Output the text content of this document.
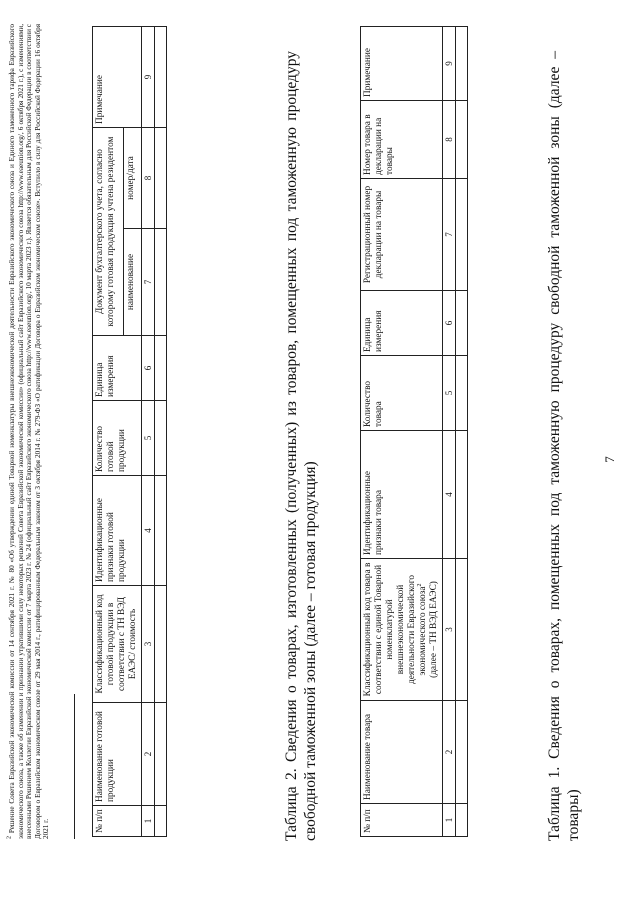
7
Таблица 1. Сведения о товарах, помещенных под таможенную процедуру свободной таможенной зоны (далее – товары)
№ п/п	Наименование товара	Классификационный код товара в соответствии с единой Товарной номенклатурой внешнеэкономической деятельности Евразийского экономического союза$^2$ (далее – ТН ВЭД ЕАЭС)	Идентификационные признаки товара	Количество товара	Единица измерения	Регистрационный номер декларации на товары	Номер товара в декларации на товары	Примечание
1	2	3	4	5	6	7	8	9

Таблица 2. Сведения о товарах, изготовленных (полученных) из товаров, помещенных под таможенную процедуру свободной таможенной зоны (далее – готовая продукция)
№ п/п	Наименование готовой продукции	Классификационный код готовой продукции в соответствии с ТН ВЭД ЕАЭС/ стоимость	Идентификационные признаки готовой продукции	Количество готовой продукции	Единица измерения	Документ бухгалтерского учета, согласно которому готовая продукция учтена резидентом		Примечание
						наименование	номер/дата	
1	2	3	4	5	6	7	8	9

$^2$ Решение Совета Евразийской экономической комиссии от 14 сентября 2021 г. № 80 «Об утверждении единой Товарной номенклатуры внешнеэкономической деятельности Евразийского экономического союза и Единого таможенного тарифа Евразийского экономического союза, а также об изменении и признании утратившими силу некоторых решений Совета Евразийской экономической комиссии» (официальный сайт Евразийского экономического союза http://www.eaeunion.org/, 6 октября 2021 г.), с изменениями, внесенными Решением Коллегии Евразийской экономической комиссии от 7 марта 2023 г. № 24 (официальный сайт Евразийского экономического союза http://www.eaeunion.org/, 10 марта 2023 г.). Является обязательным для Российской Федерации в соответствии с Договором о Евразийском экономическом союзе от 29 мая 2014 г., ратифицированным Федеральным законом от 3 октября 2014 г. № 279-ФЗ «О ратификации Договора о Евразийском экономическом союзе». Вступило в силу для Российской Федерации 16 октября 2021 г.
